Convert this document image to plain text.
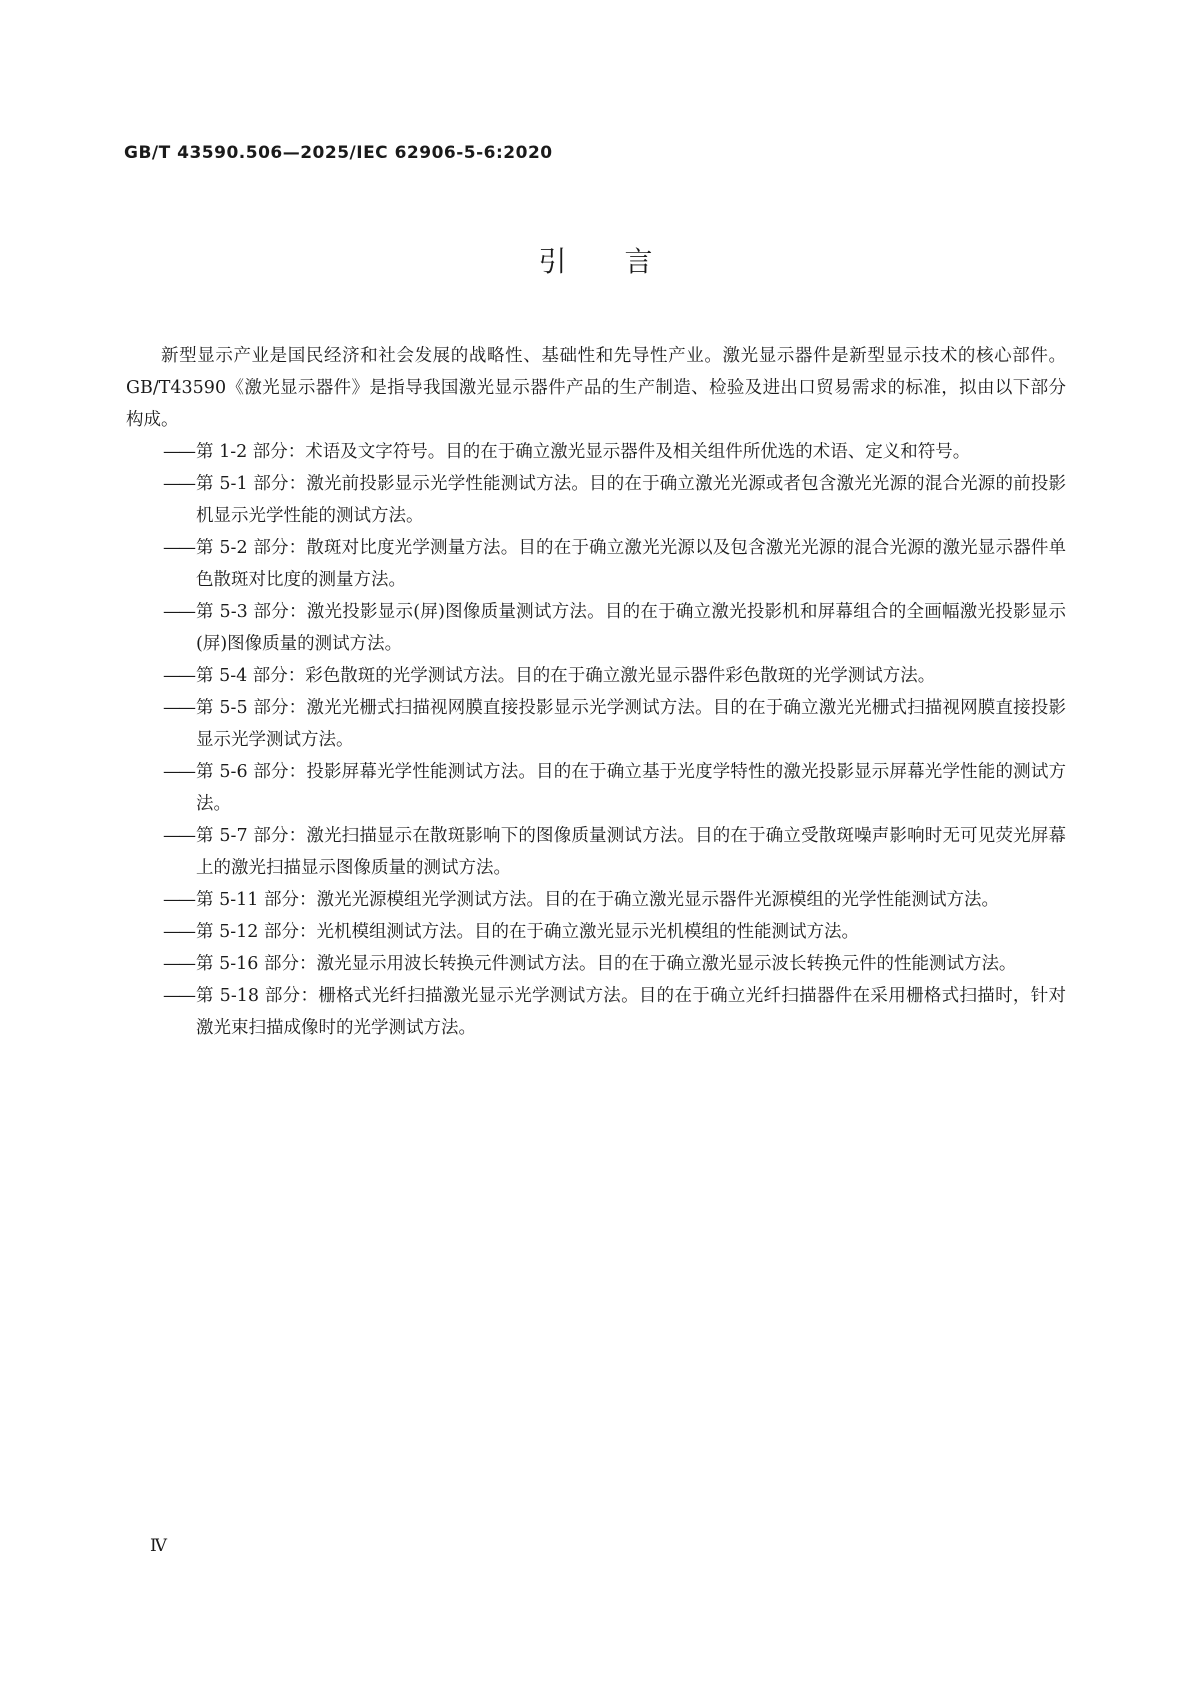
GB/T 43590.506—2025/IEC 62906-5-6:2020
引言

新型显示产业是国民经济和社会发展的战略性、基础性和先导性产业。激光显示器件是新型显示技术的核心部件。GB/T43590《激光显示器件》是指导我国激光显示器件产品的生产制造、检验及进出口贸易需求的标准，拟由以下部分构成。

—— 第 1-2 部分：术语及文字符号。目的在于确立激光显示器件及相关组件所优选的术语、定义和符号。
—— 第 5-1 部分：激光前投影显示光学性能测试方法。目的在于确立激光光源或者包含激光光源的混合光源的前投影机显示光学性能的测试方法。
—— 第 5-2 部分：散斑对比度光学测量方法。目的在于确立激光光源以及包含激光光源的混合光源的激光显示器件单色散斑对比度的测量方法。
—— 第 5-3 部分：激光投影显示(屏)图像质量测试方法。目的在于确立激光投影机和屏幕组合的全画幅激光投影显示(屏)图像质量的测试方法。
—— 第 5-4 部分：彩色散斑的光学测试方法。目的在于确立激光显示器件彩色散斑的光学测试方法。
—— 第 5-5 部分：激光光栅式扫描视网膜直接投影显示光学测试方法。目的在于确立激光光栅式扫描视网膜直接投影显示光学测试方法。
—— 第 5-6 部分：投影屏幕光学性能测试方法。目的在于确立基于光度学特性的激光投影显示屏幕光学性能的测试方法。
—— 第 5-7 部分：激光扫描显示在散斑影响下的图像质量测试方法。目的在于确立受散斑噪声影响时无可见荧光屏幕上的激光扫描显示图像质量的测试方法。
—— 第 5-11 部分：激光光源模组光学测试方法。目的在于确立激光显示器件光源模组的光学性能测试方法。
—— 第 5-12 部分：光机模组测试方法。目的在于确立激光显示光机模组的性能测试方法。
—— 第 5-16 部分：激光显示用波长转换元件测试方法。目的在于确立激光显示波长转换元件的性能测试方法。
—— 第 5-18 部分：栅格式光纤扫描激光显示光学测试方法。目的在于确立光纤扫描器件在采用栅格式扫描时，针对激光束扫描成像时的光学测试方法。
Ⅳ
